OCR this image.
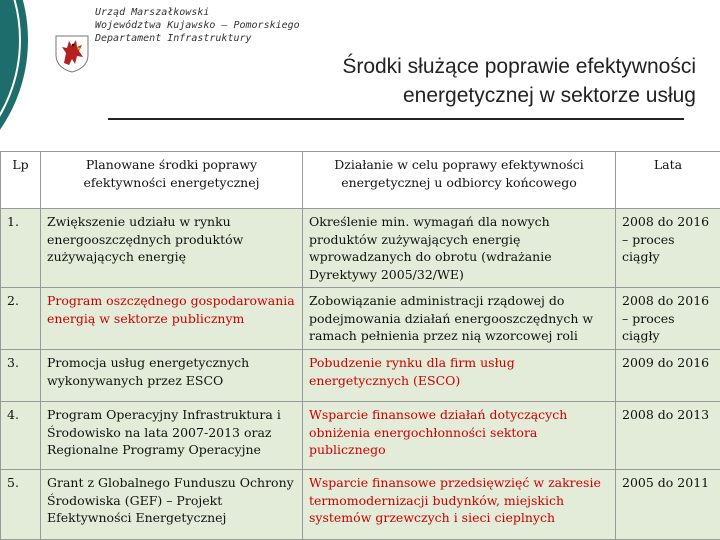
Urząd Marszałkowski
Województwa Kujawsko – Pomorskiego
Departament Infrastruktury
Środki służące poprawie efektywności
energetycznej w sektorze usług
Lp	Planowane środki poprawy efektywności energetycznej	Działanie w celu poprawy efektywności energetycznej u odbiorcy końcowego	Lata
1.	Zwiększenie udziału w rynku energooszczędnych produktów zużywających energię	Określenie min. wymagań dla nowych produktów zużywających energię wprowadzanych do obrotu (wdrażanie Dyrektywy 2005/32/WE)	2008 do 2016 – proces ciągły
2.	Program oszczędnego gospodarowania energią w sektorze publicznym	Zobowiązanie administracji rządowej do podejmowania działań energooszczędnych w ramach pełnienia przez nią wzorcowej roli	2008 do 2016 – proces ciągły
3.	Promocja usług energetycznych wykonywanych przez ESCO	Pobudzenie rynku dla firm usług energetycznych (ESCO)	2009 do 2016
4.	Program Operacyjny Infrastruktura i Środowisko na lata 2007-2013 oraz Regionalne Programy Operacyjne	Wsparcie finansowe działań dotyczących obniżenia energochłonności sektora publicznego	2008 do 2013
5.	Grant z Globalnego Funduszu Ochrony Środowiska (GEF) – Projekt Efektywności Energetycznej	Wsparcie finansowe przedsięwzięć w zakresie termomodernizacji budynków, miejskich systemów grzewczych i sieci cieplnych	2005 do 2011
